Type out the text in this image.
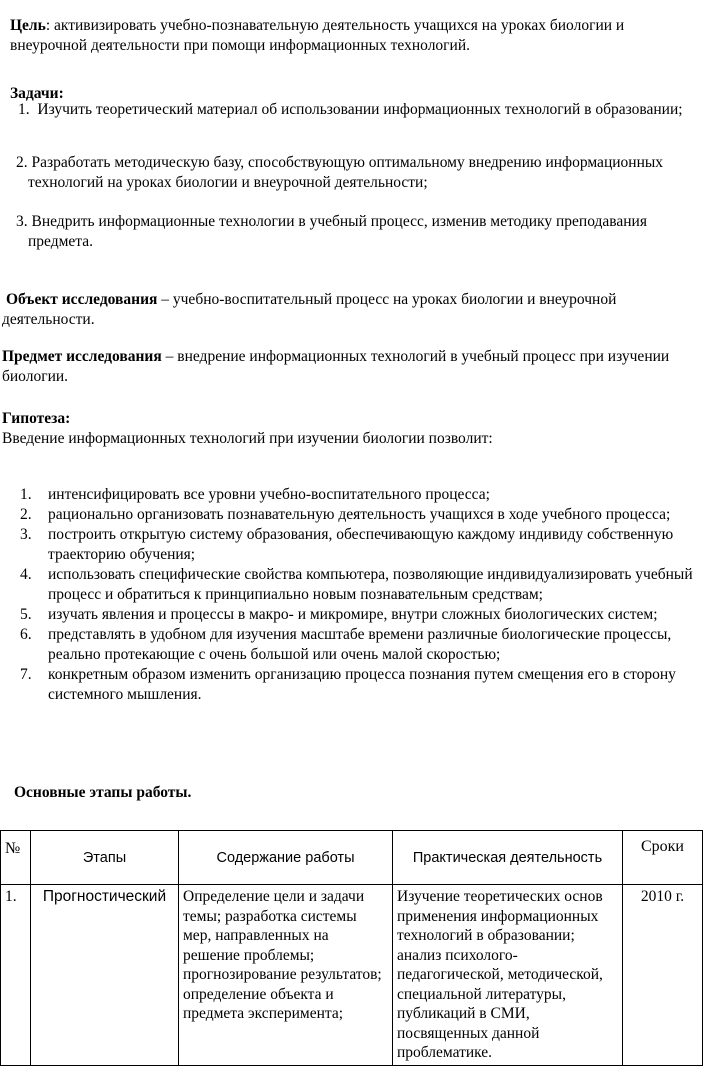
Цель: активизировать учебно-познавательную деятельность учащихся на уроках биологии и внеурочной деятельности при помощи информационных технологий.
Задачи:
1. Изучить теоретический материал об использовании информационных технологий в образовании;
2. Разработать методическую базу, способствующую оптимальному внедрению информационных технологий на уроках биологии и внеурочной деятельности;
3. Внедрить информационные технологии в учебный процесс, изменив методику преподавания предмета.
Объект исследования – учебно-воспитательный процесс на уроках биологии и внеурочной деятельности.
Предмет исследования – внедрение информационных технологий в учебный процесс при изучении биологии.
Гипотеза:
Введение информационных технологий при изучении биологии позволит:
1.	интенсифицировать все уровни учебно-воспитательного процесса;
2.	рационально организовать познавательную деятельность учащихся в ходе учебного процесса;
3.	построить открытую систему образования, обеспечивающую каждому индивиду собственную траекторию обучения;
4.	использовать специфические свойства компьютера, позволяющие индивидуализировать учебный процесс и обратиться к принципиально новым познавательным средствам;
5.	изучать явления и процессы в макро- и микромире, внутри сложных биологических систем;
6.	представлять в удобном для изучения масштабе времени различные биологические процессы, реально протекающие с очень большой или очень малой скоростью;
7.	конкретным образом изменить организацию процесса познания путем смещения его в сторону системного мышления.
Основные этапы работы.
№	Этапы	Содержание работы	Практическая деятельность	Сроки
1.	Прогностический	Определение цели и задачи темы; разработка системы мер, направленных на решение проблемы; прогнозирование результатов; определение объекта и предмета эксперимента;	Изучение теоретических основ применения информационных технологий в образовании; анализ психолого-педагогической, методической, специальной литературы, публикаций в СМИ, посвященных данной проблематике.	2010 г.
